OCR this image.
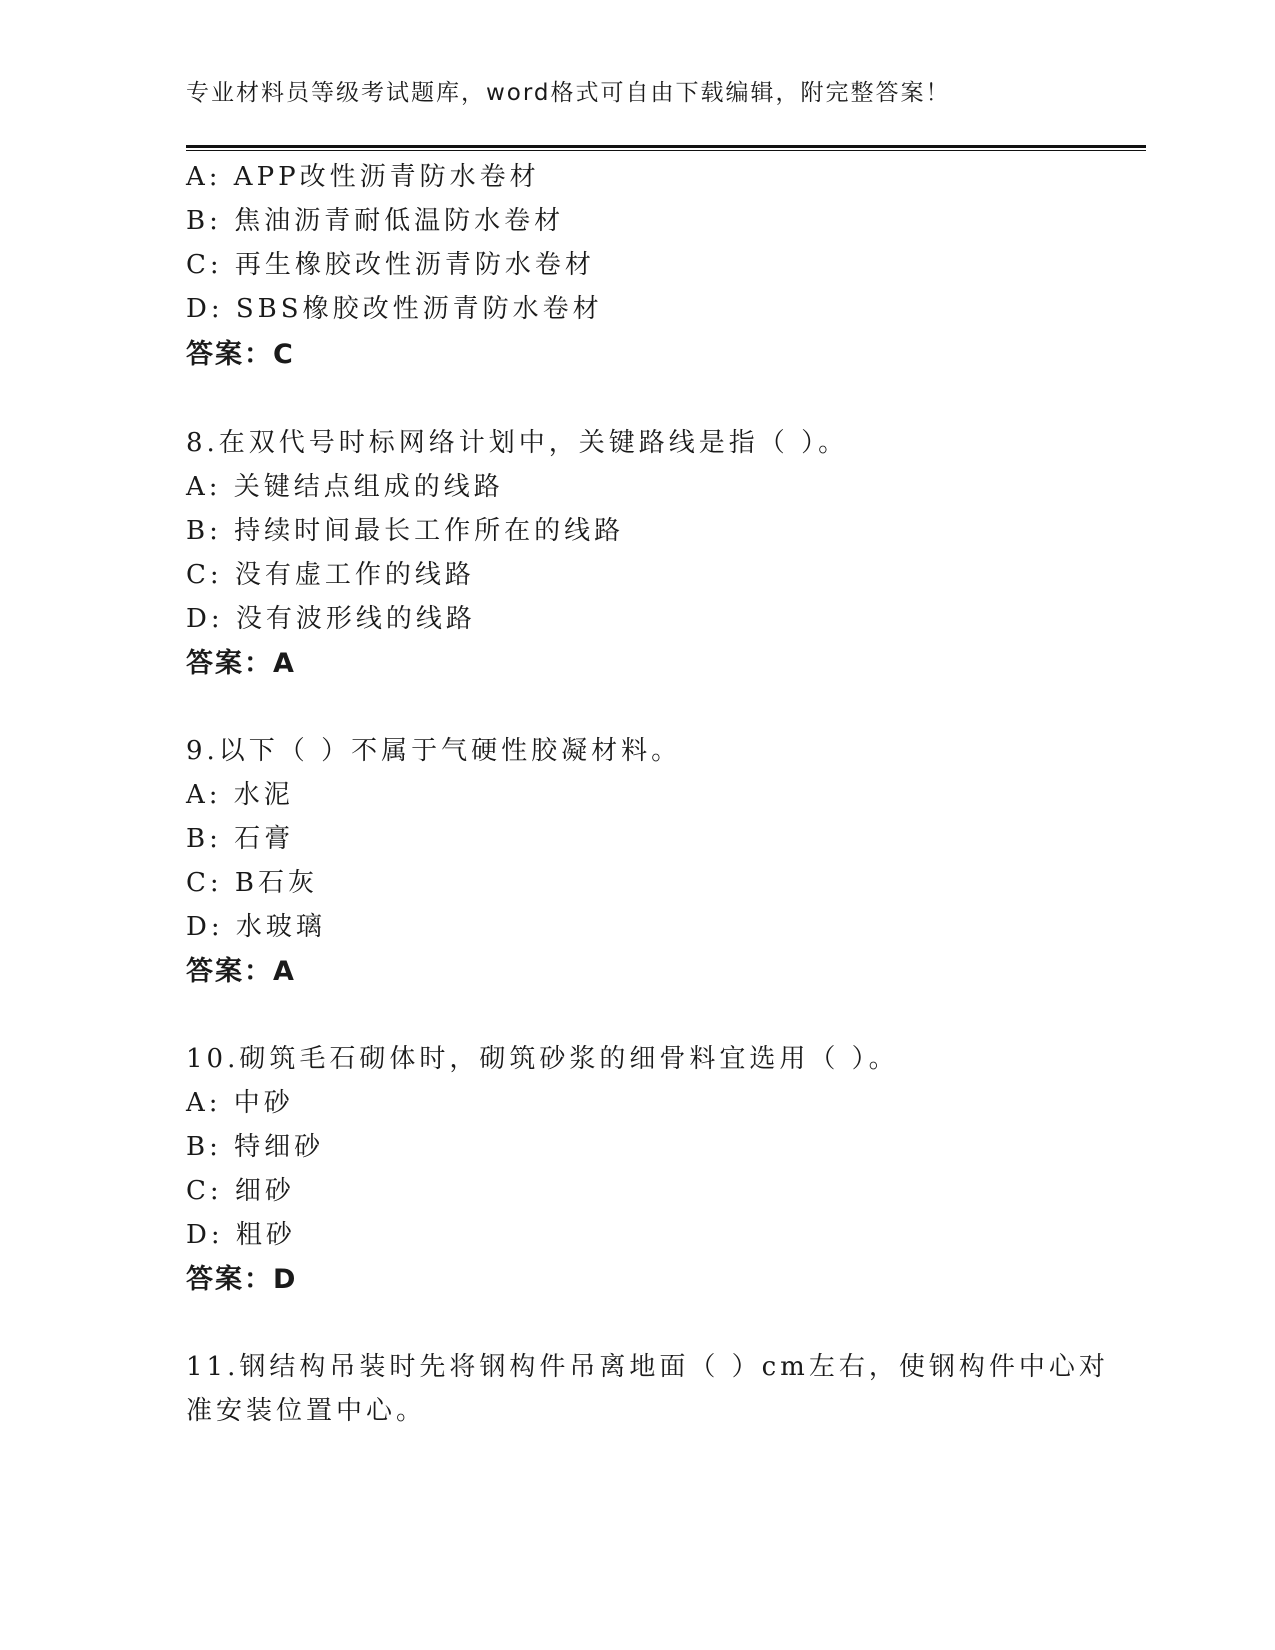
专业材料员等级考试题库，word格式可自由下载编辑，附完整答案！
A: APP改性沥青防水卷材
B: 焦油沥青耐低温防水卷材
C: 再生橡胶改性沥青防水卷材
D: SBS橡胶改性沥青防水卷材
答案：C
8.在双代号时标网络计划中，关键路线是指（ ）。
A: 关键结点组成的线路
B: 持续时间最长工作所在的线路
C: 没有虚工作的线路
D: 没有波形线的线路
答案：A
9.以下（ ）不属于气硬性胶凝材料。
A: 水泥
B: 石膏
C: B石灰
D: 水玻璃
答案：A
10.砌筑毛石砌体时，砌筑砂浆的细骨料宜选用（ ）。
A: 中砂
B: 特细砂
C: 细砂
D: 粗砂
答案：D
11.钢结构吊装时先将钢构件吊离地面（ ）cm左右，使钢构件中心对
准安装位置中心。
